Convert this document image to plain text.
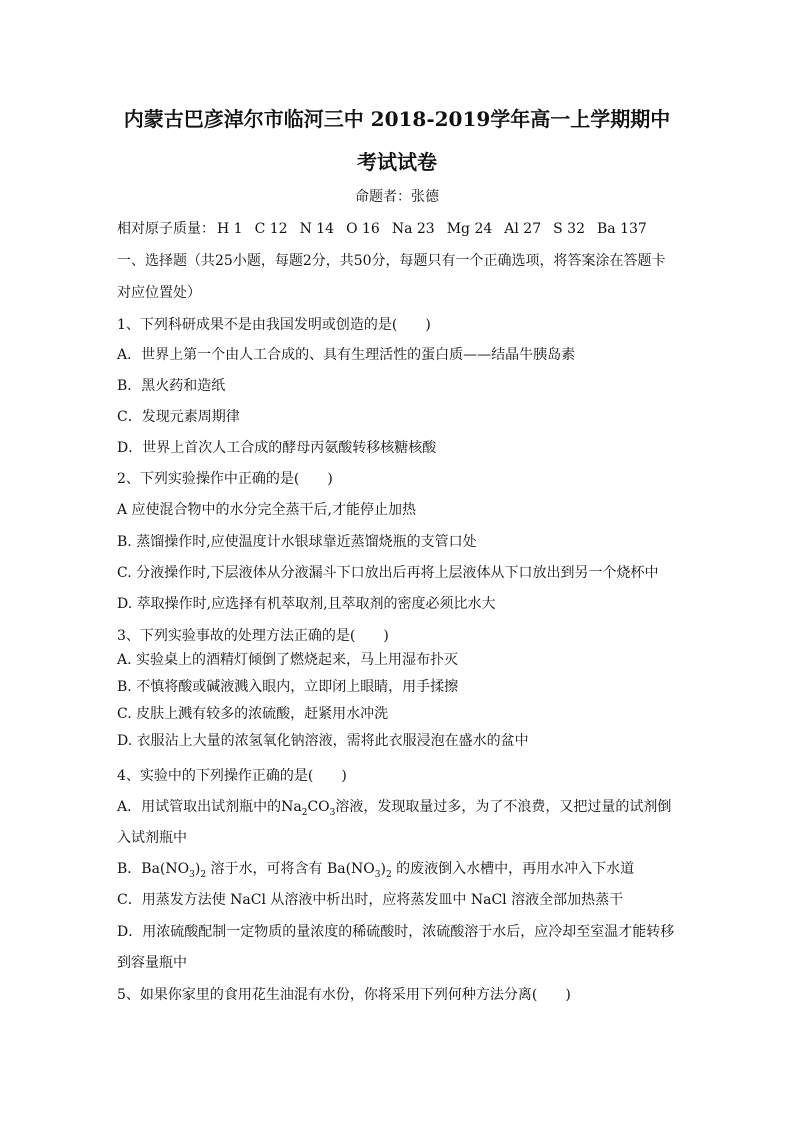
内蒙古巴彦淖尔市临河三中 2018-2019学年高一上学期期中
考试试卷
命题者：张德
相对原子质量： H 1 C 12 N 14 O 16 Na 23 Mg 24 Al 27 S 32 Ba 137
一、选择题（共25小题，每题2分，共50分，每题只有一个正确选项，将答案涂在答题卡
对应位置处）
1、下列科研成果不是由我国发明或创造的是(　　)
A．世界上第一个由人工合成的、具有生理活性的蛋白质——结晶牛胰岛素
B．黑火药和造纸
C．发现元素周期律
D．世界上首次人工合成的酵母丙氨酸转移核糖核酸
2、下列实验操作中正确的是(　　)
A 应使混合物中的水分完全蒸干后,才能停止加热
B. 蒸馏操作时,应使温度计水银球靠近蒸馏烧瓶的支管口处
C. 分液操作时,下层液体从分液漏斗下口放出后再将上层液体从下口放出到另一个烧杯中
D. 萃取操作时,应选择有机萃取剂,且萃取剂的密度必须比水大
3、下列实验事故的处理方法正确的是(　　)
A. 实验桌上的酒精灯倾倒了燃烧起来，马上用湿布扑灭
B. 不慎将酸或碱液溅入眼内，立即闭上眼睛，用手揉擦
C. 皮肤上溅有较多的浓硫酸，赶紧用水冲洗
D. 衣服沾上大量的浓氢氧化钠溶液，需将此衣服浸泡在盛水的盆中
4、实验中的下列操作正确的是(　　)
A．用试管取出试剂瓶中的$Na_2CO_3$溶液，发现取量过多，为了不浪费，又把过量的试剂倒
入试剂瓶中
B．$Ba(NO_3)_2$ 溶于水，可将含有 $Ba(NO_3)_2$ 的废液倒入水槽中，再用水冲入下水道
C．用蒸发方法使 NaCl 从溶液中析出时，应将蒸发皿中 NaCl 溶液全部加热蒸干
D．用浓硫酸配制一定物质的量浓度的稀硫酸时，浓硫酸溶于水后，应冷却至室温才能转移
到容量瓶中
5、如果你家里的食用花生油混有水份，你将采用下列何种方法分离(　　)
